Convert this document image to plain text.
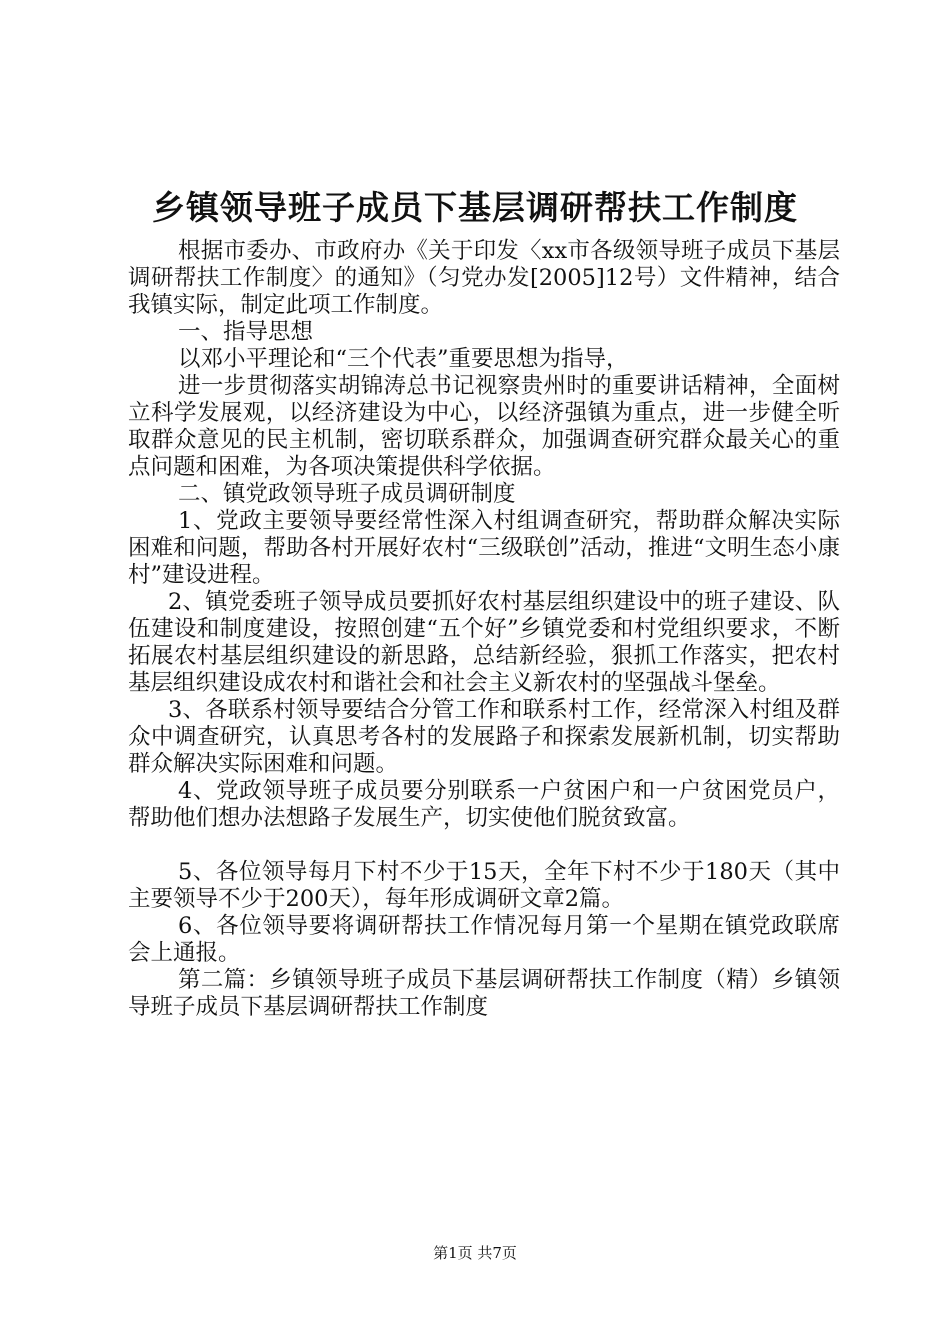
乡镇领导班子成员下基层调研帮扶工作制度

根据市委办、市政府办《关于印发〈xx市各级领导班子成员下基层调研帮扶工作制度〉的通知》（匀党办发[2005]12号）文件精神，结合我镇实际，制定此项工作制度。

一、指导思想

以邓小平理论和“三个代表”重要思想为指导，

进一步贯彻落实胡锦涛总书记视察贵州时的重要讲话精神，全面树立科学发展观，以经济建设为中心，以经济强镇为重点，进一步健全听取群众意见的民主机制，密切联系群众，加强调查研究群众最关心的重点问题和困难，为各项决策提供科学依据。

二、镇党政领导班子成员调研制度

1、党政主要领导要经常性深入村组调查研究，帮助群众解决实际困难和问题，帮助各村开展好农村“三级联创”活动，推进“文明生态小康村”建设进程。

2、镇党委班子领导成员要抓好农村基层组织建设中的班子建设、队伍建设和制度建设，按照创建“五个好”乡镇党委和村党组织要求，不断拓展农村基层组织建设的新思路，总结新经验，狠抓工作落实，把农村基层组织建设成农村和谐社会和社会主义新农村的坚强战斗堡垒。

3、各联系村领导要结合分管工作和联系村工作，经常深入村组及群众中调查研究，认真思考各村的发展路子和探索发展新机制，切实帮助群众解决实际困难和问题。

4、党政领导班子成员要分别联系一户贫困户和一户贫困党员户，帮助他们想办法想路子发展生产，切实使他们脱贫致富。

5、各位领导每月下村不少于15天，全年下村不少于180天（其中主要领导不少于200天），每年形成调研文章2篇。

6、各位领导要将调研帮扶工作情况每月第一个星期在镇党政联席会上通报。

第二篇：乡镇领导班子成员下基层调研帮扶工作制度（精）乡镇领导班子成员下基层调研帮扶工作制度

第1页 共7页
